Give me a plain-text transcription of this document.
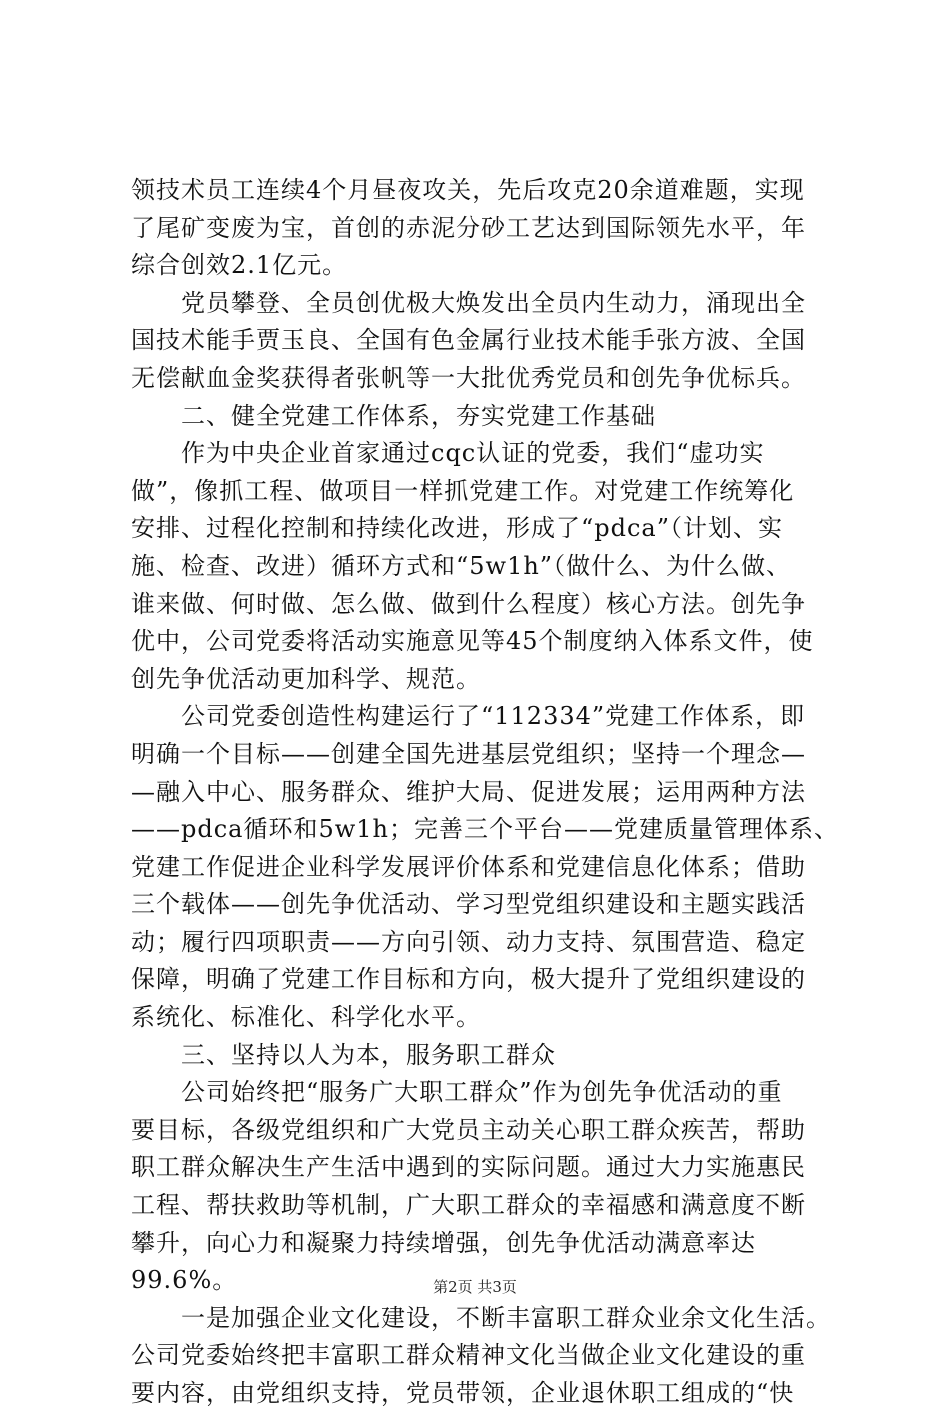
领技术员工连续4个月昼夜攻关，先后攻克20余道难题，实现
了尾矿变废为宝，首创的赤泥分砂工艺达到国际领先水平，年
综合创效2.1亿元。
　　党员攀登、全员创优极大焕发出全员内生动力，涌现出全
国技术能手贾玉良、全国有色金属行业技术能手张方波、全国
无偿献血金奖获得者张帆等一大批优秀党员和创先争优标兵。
　　二、健全党建工作体系，夯实党建工作基础
　　作为中央企业首家通过cqc认证的党委，我们“虚功实
做”，像抓工程、做项目一样抓党建工作。对党建工作统筹化
安排、过程化控制和持续化改进，形成了“pdca”（计划、实
施、检查、改进）循环方式和“5w1h”（做什么、为什么做、
谁来做、何时做、怎么做、做到什么程度）核心方法。创先争
优中，公司党委将活动实施意见等45个制度纳入体系文件，使
创先争优活动更加科学、规范。
　　公司党委创造性构建运行了“112334”党建工作体系，即
明确一个目标——创建全国先进基层党组织；坚持一个理念—
—融入中心、服务群众、维护大局、促进发展；运用两种方法
——pdca循环和5w1h；完善三个平台——党建质量管理体系、
党建工作促进企业科学发展评价体系和党建信息化体系；借助
三个载体——创先争优活动、学习型党组织建设和主题实践活
动；履行四项职责——方向引领、动力支持、氛围营造、稳定
保障，明确了党建工作目标和方向，极大提升了党组织建设的
系统化、标准化、科学化水平。
　　三、坚持以人为本，服务职工群众
　　公司始终把“服务广大职工群众”作为创先争优活动的重
要目标，各级党组织和广大党员主动关心职工群众疾苦，帮助
职工群众解决生产生活中遇到的实际问题。通过大力实施惠民
工程、帮扶救助等机制，广大职工群众的幸福感和满意度不断
攀升，向心力和凝聚力持续增强，创先争优活动满意率达
99.6%。
　　一是加强企业文化建设，不断丰富职工群众业余文化生活。
公司党委始终把丰富职工群众精神文化当做企业文化建设的重
要内容，由党组织支持，党员带领，企业退休职工组成的“快
第2页 共3页
